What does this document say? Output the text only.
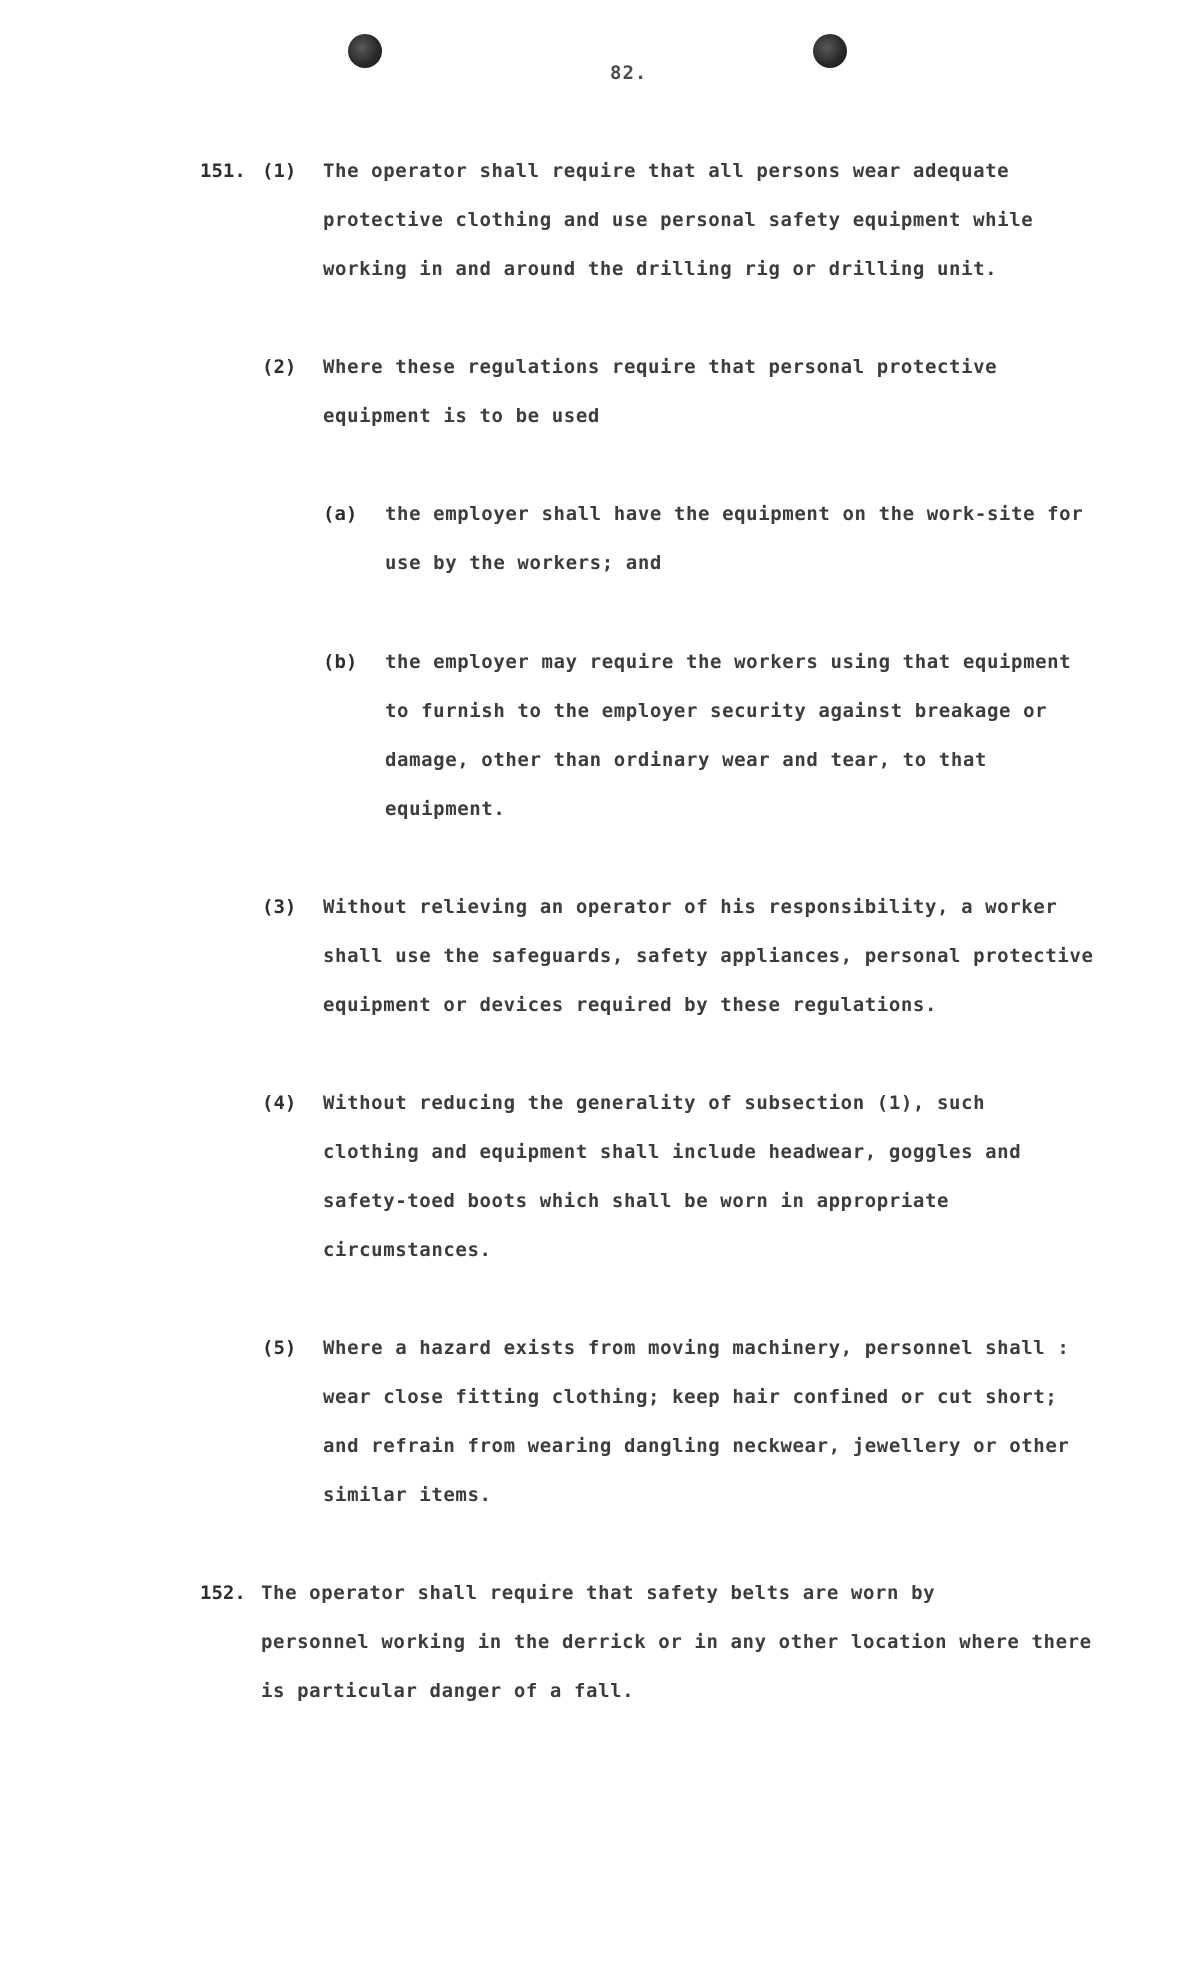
82.
151. (1) The operator shall require that all persons wear adequate
protective clothing and use personal safety equipment while
working in and around the drilling rig or drilling unit.
(2) Where these regulations require that personal protective
equipment is to be used
(a) the employer shall have the equipment on the work-site for
use by the workers; and
(b) the employer may require the workers using that equipment
to furnish to the employer security against breakage or
damage, other than ordinary wear and tear, to that
equipment.
(3) Without relieving an operator of his responsibility, a worker
shall use the safeguards, safety appliances, personal protective
equipment or devices required by these regulations.
(4) Without reducing the generality of subsection (1), such
clothing and equipment shall include headwear, goggles and
safety-toed boots which shall be worn in appropriate
circumstances.
(5) Where a hazard exists from moving machinery, personnel shall :
wear close fitting clothing; keep hair confined or cut short;
and refrain from wearing dangling neckwear, jewellery or other
similar items.
152. The operator shall require that safety belts are worn by
personnel working in the derrick or in any other location where there
is particular danger of a fall.
